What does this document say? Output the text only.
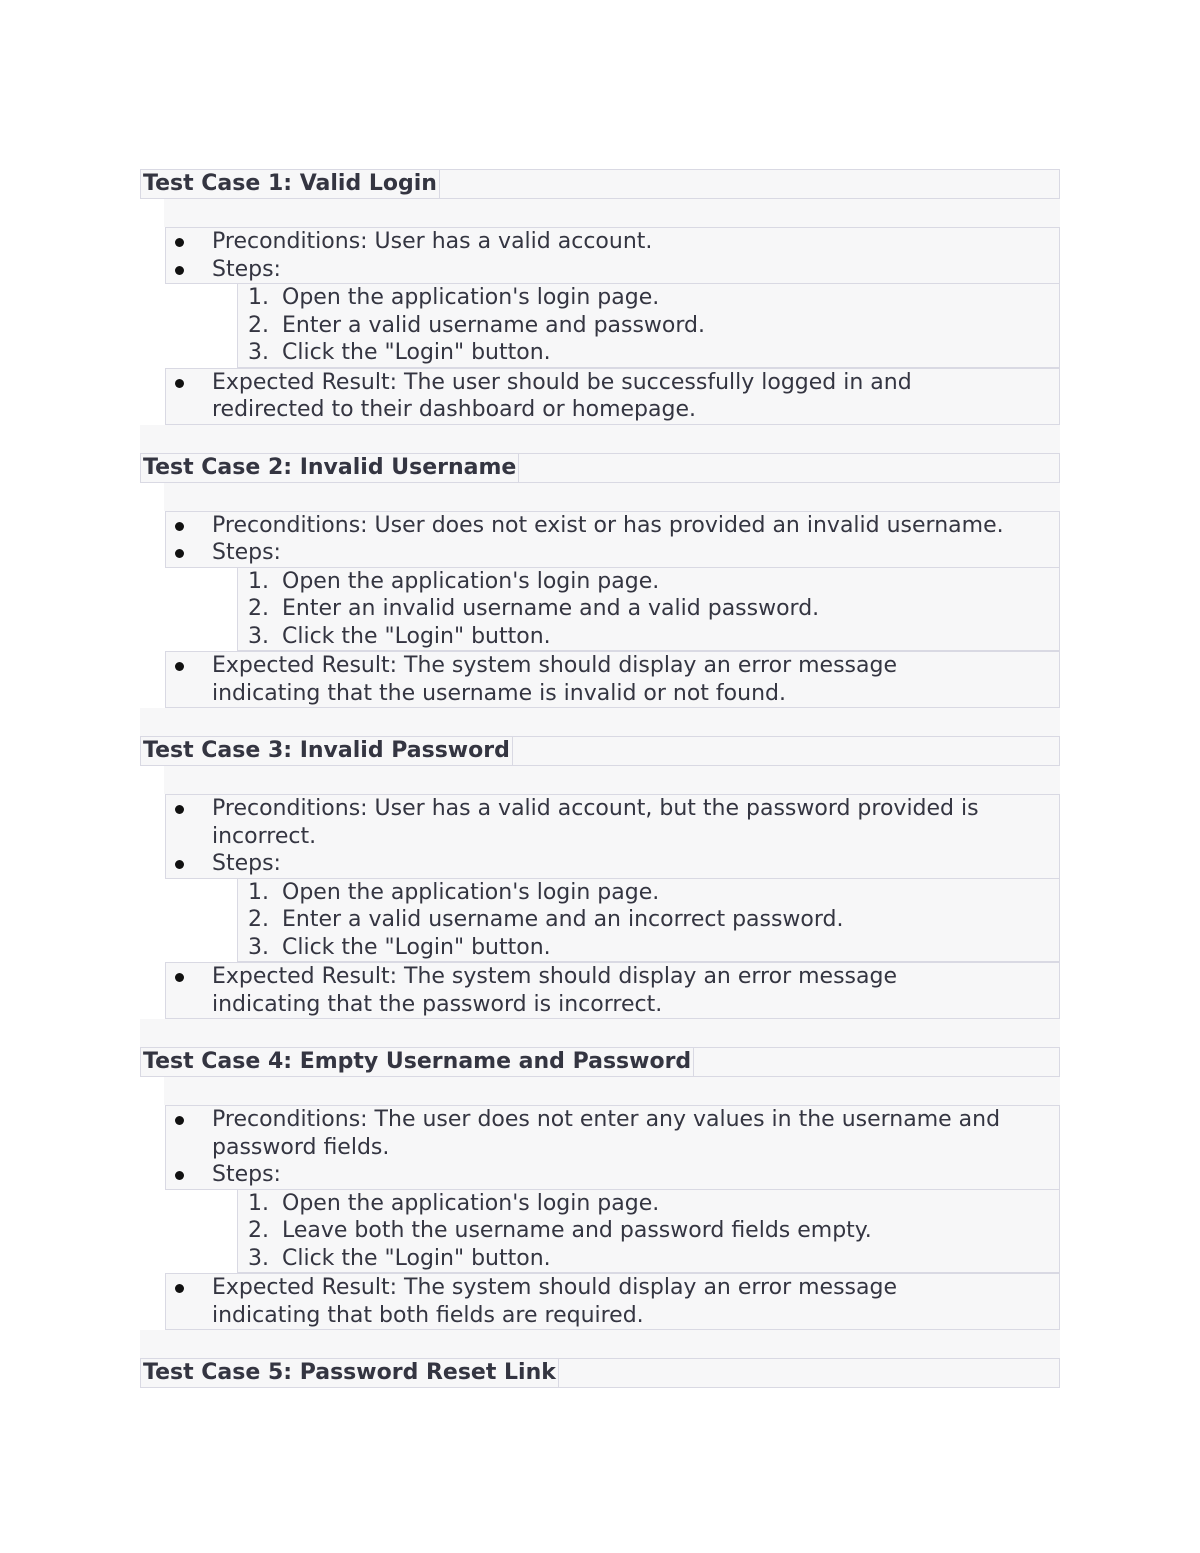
Test Case 1: Valid Login
Preconditions: User has a valid account.
Steps:
1. Open the application's login page.
2. Enter a valid username and password.
3. Click the "Login" button.
Expected Result: The user should be successfully logged in and
redirected to their dashboard or homepage.
Test Case 2: Invalid Username
Preconditions: User does not exist or has provided an invalid username.
Steps:
1. Open the application's login page.
2. Enter an invalid username and a valid password.
3. Click the "Login" button.
Expected Result: The system should display an error message
indicating that the username is invalid or not found.
Test Case 3: Invalid Password
Preconditions: User has a valid account, but the password provided is
incorrect.
Steps:
1. Open the application's login page.
2. Enter a valid username and an incorrect password.
3. Click the "Login" button.
Expected Result: The system should display an error message
indicating that the password is incorrect.
Test Case 4: Empty Username and Password
Preconditions: The user does not enter any values in the username and
password fields.
Steps:
1. Open the application's login page.
2. Leave both the username and password fields empty.
3. Click the "Login" button.
Expected Result: The system should display an error message
indicating that both fields are required.
Test Case 5: Password Reset Link
